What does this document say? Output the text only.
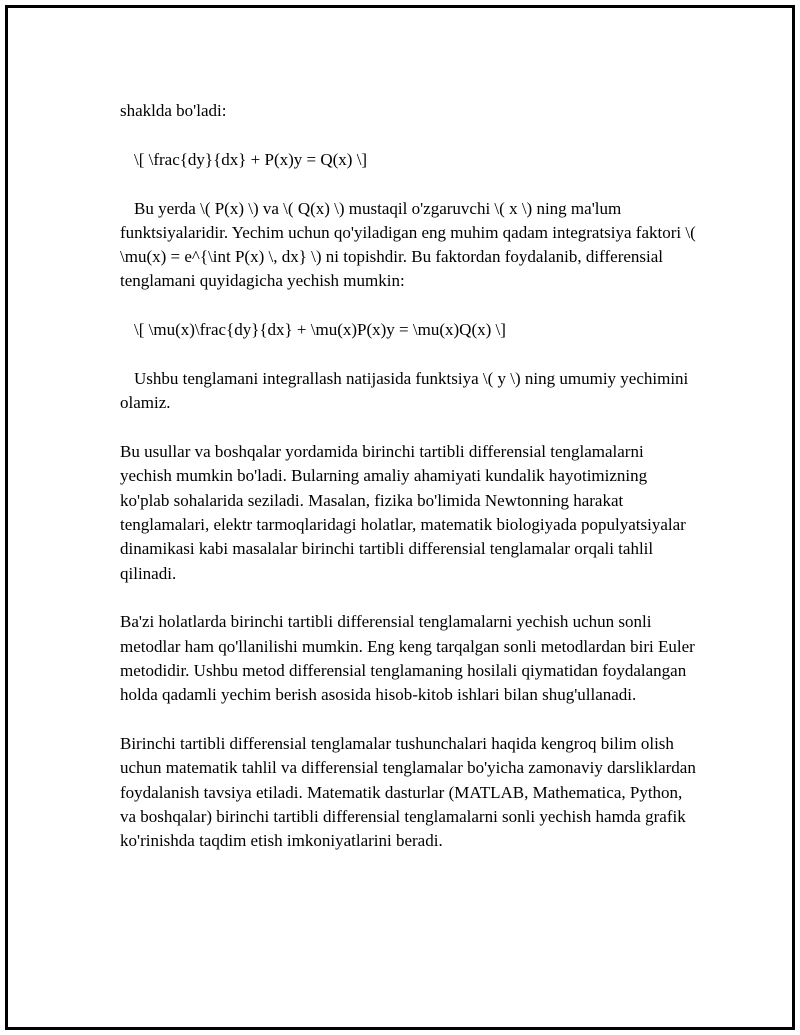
shaklda bo'ladi:

\[ \frac{dy}{dx} + P(x)y = Q(x) \]

Bu yerda \( P(x) \) va \( Q(x) \) mustaqil o'zgaruvchi \( x \) ning ma'lum funktsiyalaridir. Yechim uchun qo'yiladigan eng muhim qadam integratsiya faktori \( \mu(x) = e^{\int P(x) \, dx} \) ni topishdir. Bu faktordan foydalanib, differensial tenglamani quyidagicha yechish mumkin:

\[ \mu(x)\frac{dy}{dx} + \mu(x)P(x)y = \mu(x)Q(x) \]

Ushbu tenglamani integrallash natijasida funktsiya \( y \) ning umumiy yechimini olamiz.

Bu usullar va boshqalar yordamida birinchi tartibli differensial tenglamalarni yechish mumkin bo'ladi. Bularning amaliy ahamiyati kundalik hayotimizning ko'plab sohalarida seziladi. Masalan, fizika bo'limida Newtonning harakat tenglamalari, elektr tarmoqlaridagi holatlar, matematik biologiyada populyatsiyalar dinamikasi kabi masalalar birinchi tartibli differensial tenglamalar orqali tahlil qilinadi.

Ba'zi holatlarda birinchi tartibli differensial tenglamalarni yechish uchun sonli metodlar ham qo'llanilishi mumkin. Eng keng tarqalgan sonli metodlardan biri Euler metodidir. Ushbu metod differensial tenglamaning hosilali qiymatidan foydalangan holda qadamli yechim berish asosida hisob-kitob ishlari bilan shug'ullanadi.

Birinchi tartibli differensial tenglamalar tushunchalari haqida kengroq bilim olish uchun matematik tahlil va differensial tenglamalar bo'yicha zamonaviy darsliklardan foydalanish tavsiya etiladi. Matematik dasturlar (MATLAB, Mathematica, Python, va boshqalar) birinchi tartibli differensial tenglamalarni sonli yechish hamda grafik ko'rinishda taqdim etish imkoniyatlarini beradi.
